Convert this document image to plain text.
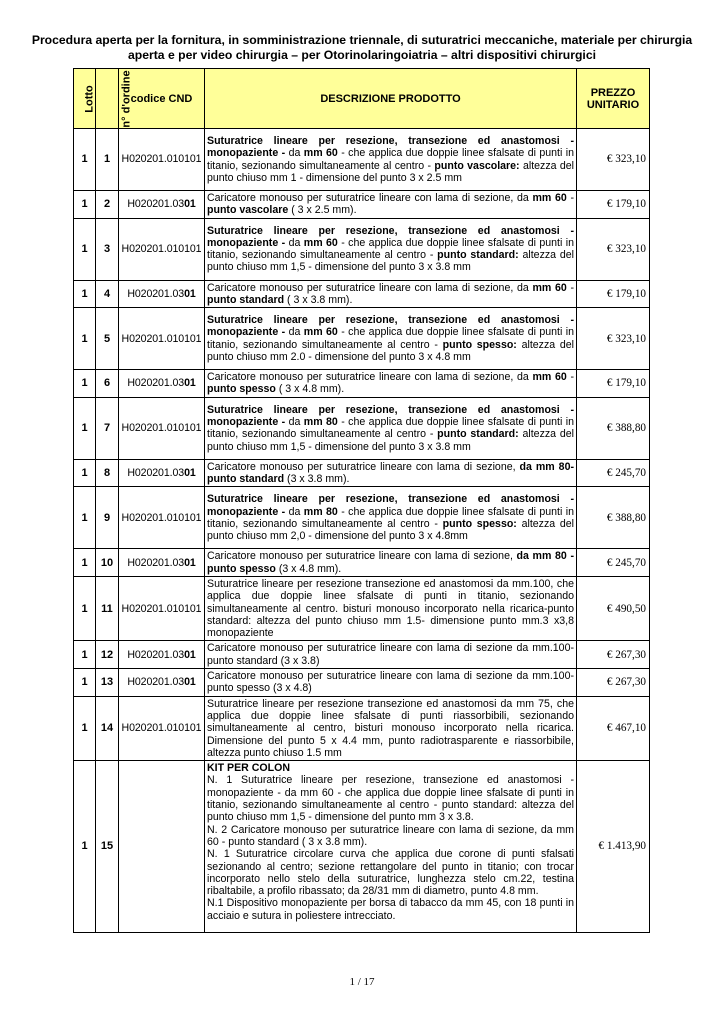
Procedura aperta per la fornitura, in somministrazione triennale, di suturatrici meccaniche, materiale per chirurgia
aperta e per video chirurgia – per Otorinolaringoiatria – altri dispositivi chirurgici
Lotto	n° d'ordine	codice CND	DESCRIZIONE PRODOTTO	PREZZO UNITARIO
1	1	H020201.010101	Suturatrice lineare per resezione, transezione ed anastomosi - monopaziente - da mm 60 - che applica due doppie linee sfalsate di punti in titanio, sezionando simultaneamente al centro - punto vascolare: altezza del punto chiuso mm 1 - dimensione del punto 3 x 2.5 mm	€ 323,10
1	2	H020201.0301	Caricatore monouso per suturatrice lineare con lama di sezione, da mm 60 - punto vascolare ( 3 x 2.5 mm).	€ 179,10
1	3	H020201.010101	Suturatrice lineare per resezione, transezione ed anastomosi - monopaziente - da mm 60 - che applica due doppie linee sfalsate di punti in titanio, sezionando simultaneamente al centro - punto standard: altezza del punto chiuso mm 1,5 - dimensione del punto 3 x 3.8 mm	€ 323,10
1	4	H020201.0301	Caricatore monouso per suturatrice lineare con lama di sezione, da mm 60 - punto standard ( 3 x 3.8 mm).	€ 179,10
1	5	H020201.010101	Suturatrice lineare per resezione, transezione ed anastomosi - monopaziente - da mm 60 - che applica due doppie linee sfalsate di punti in titanio, sezionando simultaneamente al centro - punto spesso: altezza del punto chiuso mm 2.0 - dimensione del punto 3 x 4.8 mm	€ 323,10
1	6	H020201.0301	Caricatore monouso per suturatrice lineare con lama di sezione, da mm 60 - punto spesso ( 3 x 4.8 mm).	€ 179,10
1	7	H020201.010101	Suturatrice lineare per resezione, transezione ed anastomosi - monopaziente - da mm 80 - che applica due doppie linee sfalsate di punti in titanio, sezionando simultaneamente al centro - punto standard: altezza del punto chiuso mm 1,5 - dimensione del punto 3 x 3.8 mm	€ 388,80
1	8	H020201.0301	Caricatore monouso per suturatrice lineare con lama di sezione, da mm 80- punto standard (3 x 3.8 mm).	€ 245,70
1	9	H020201.010101	Suturatrice lineare per resezione, transezione ed anastomosi - monopaziente - da mm 80 - che applica due doppie linee sfalsate di punti in titanio, sezionando simultaneamente al centro - punto spesso: altezza del punto chiuso mm 2,0 - dimensione del punto 3 x 4.8mm	€ 388,80
1	10	H020201.0301	Caricatore monouso per suturatrice lineare con lama di sezione, da mm 80 - punto spesso (3 x 4.8 mm).	€ 245,70
1	11	H020201.010101	Suturatrice lineare per resezione transezione ed anastomosi da mm.100, che applica due doppie linee sfalsate di punti in titanio, sezionando simultaneamente al centro. bisturi monouso incorporato nella ricarica-punto standard: altezza del punto chiuso mm 1.5- dimensione punto mm.3 x3,8 monopaziente	€ 490,50
1	12	H020201.0301	Caricatore monouso per suturatrice lineare con lama di sezione da mm.100- punto standard (3 x 3.8)	€ 267,30
1	13	H020201.0301	Caricatore monouso per suturatrice lineare con lama di sezione da mm.100- punto spesso (3 x 4.8)	€ 267,30
1	14	H020201.010101	Suturatrice lineare per resezione transezione ed anastomosi da mm 75, che applica due doppie linee sfalsate di punti riassorbibili, sezionando simultaneamente al centro, bisturi monouso incorporato nella ricarica. Dimensione del punto 5 x 4.4 mm, punto radiotrasparente e riassorbibile, altezza punto chiuso 1.5 mm	€ 467,10
1	15		KIT PER COLON
N. 1 Suturatrice lineare per resezione, transezione ed anastomosi - monopaziente - da mm 60 - che applica due doppie linee sfalsate di punti in titanio, sezionando simultaneamente al centro - punto standard: altezza del punto chiuso mm 1,5 - dimensione del punto mm 3 x 3.8.
N. 2 Caricatore monouso per suturatrice lineare con lama di sezione, da mm 60 - punto standard ( 3 x 3.8 mm).
N. 1 Suturatrice circolare curva che applica due corone di punti sfalsati sezionando al centro; sezione rettangolare del punto in titanio; con trocar incorporato nello stelo della suturatrice, lunghezza stelo cm.22, testina ribaltabile, a profilo ribassato; da 28/31 mm di diametro, punto 4.8 mm.
N.1 Dispositivo monopaziente per borsa di tabacco da mm 45, con 18 punti in acciaio e sutura in poliestere intrecciato.	€ 1.413,90
1 / 17
